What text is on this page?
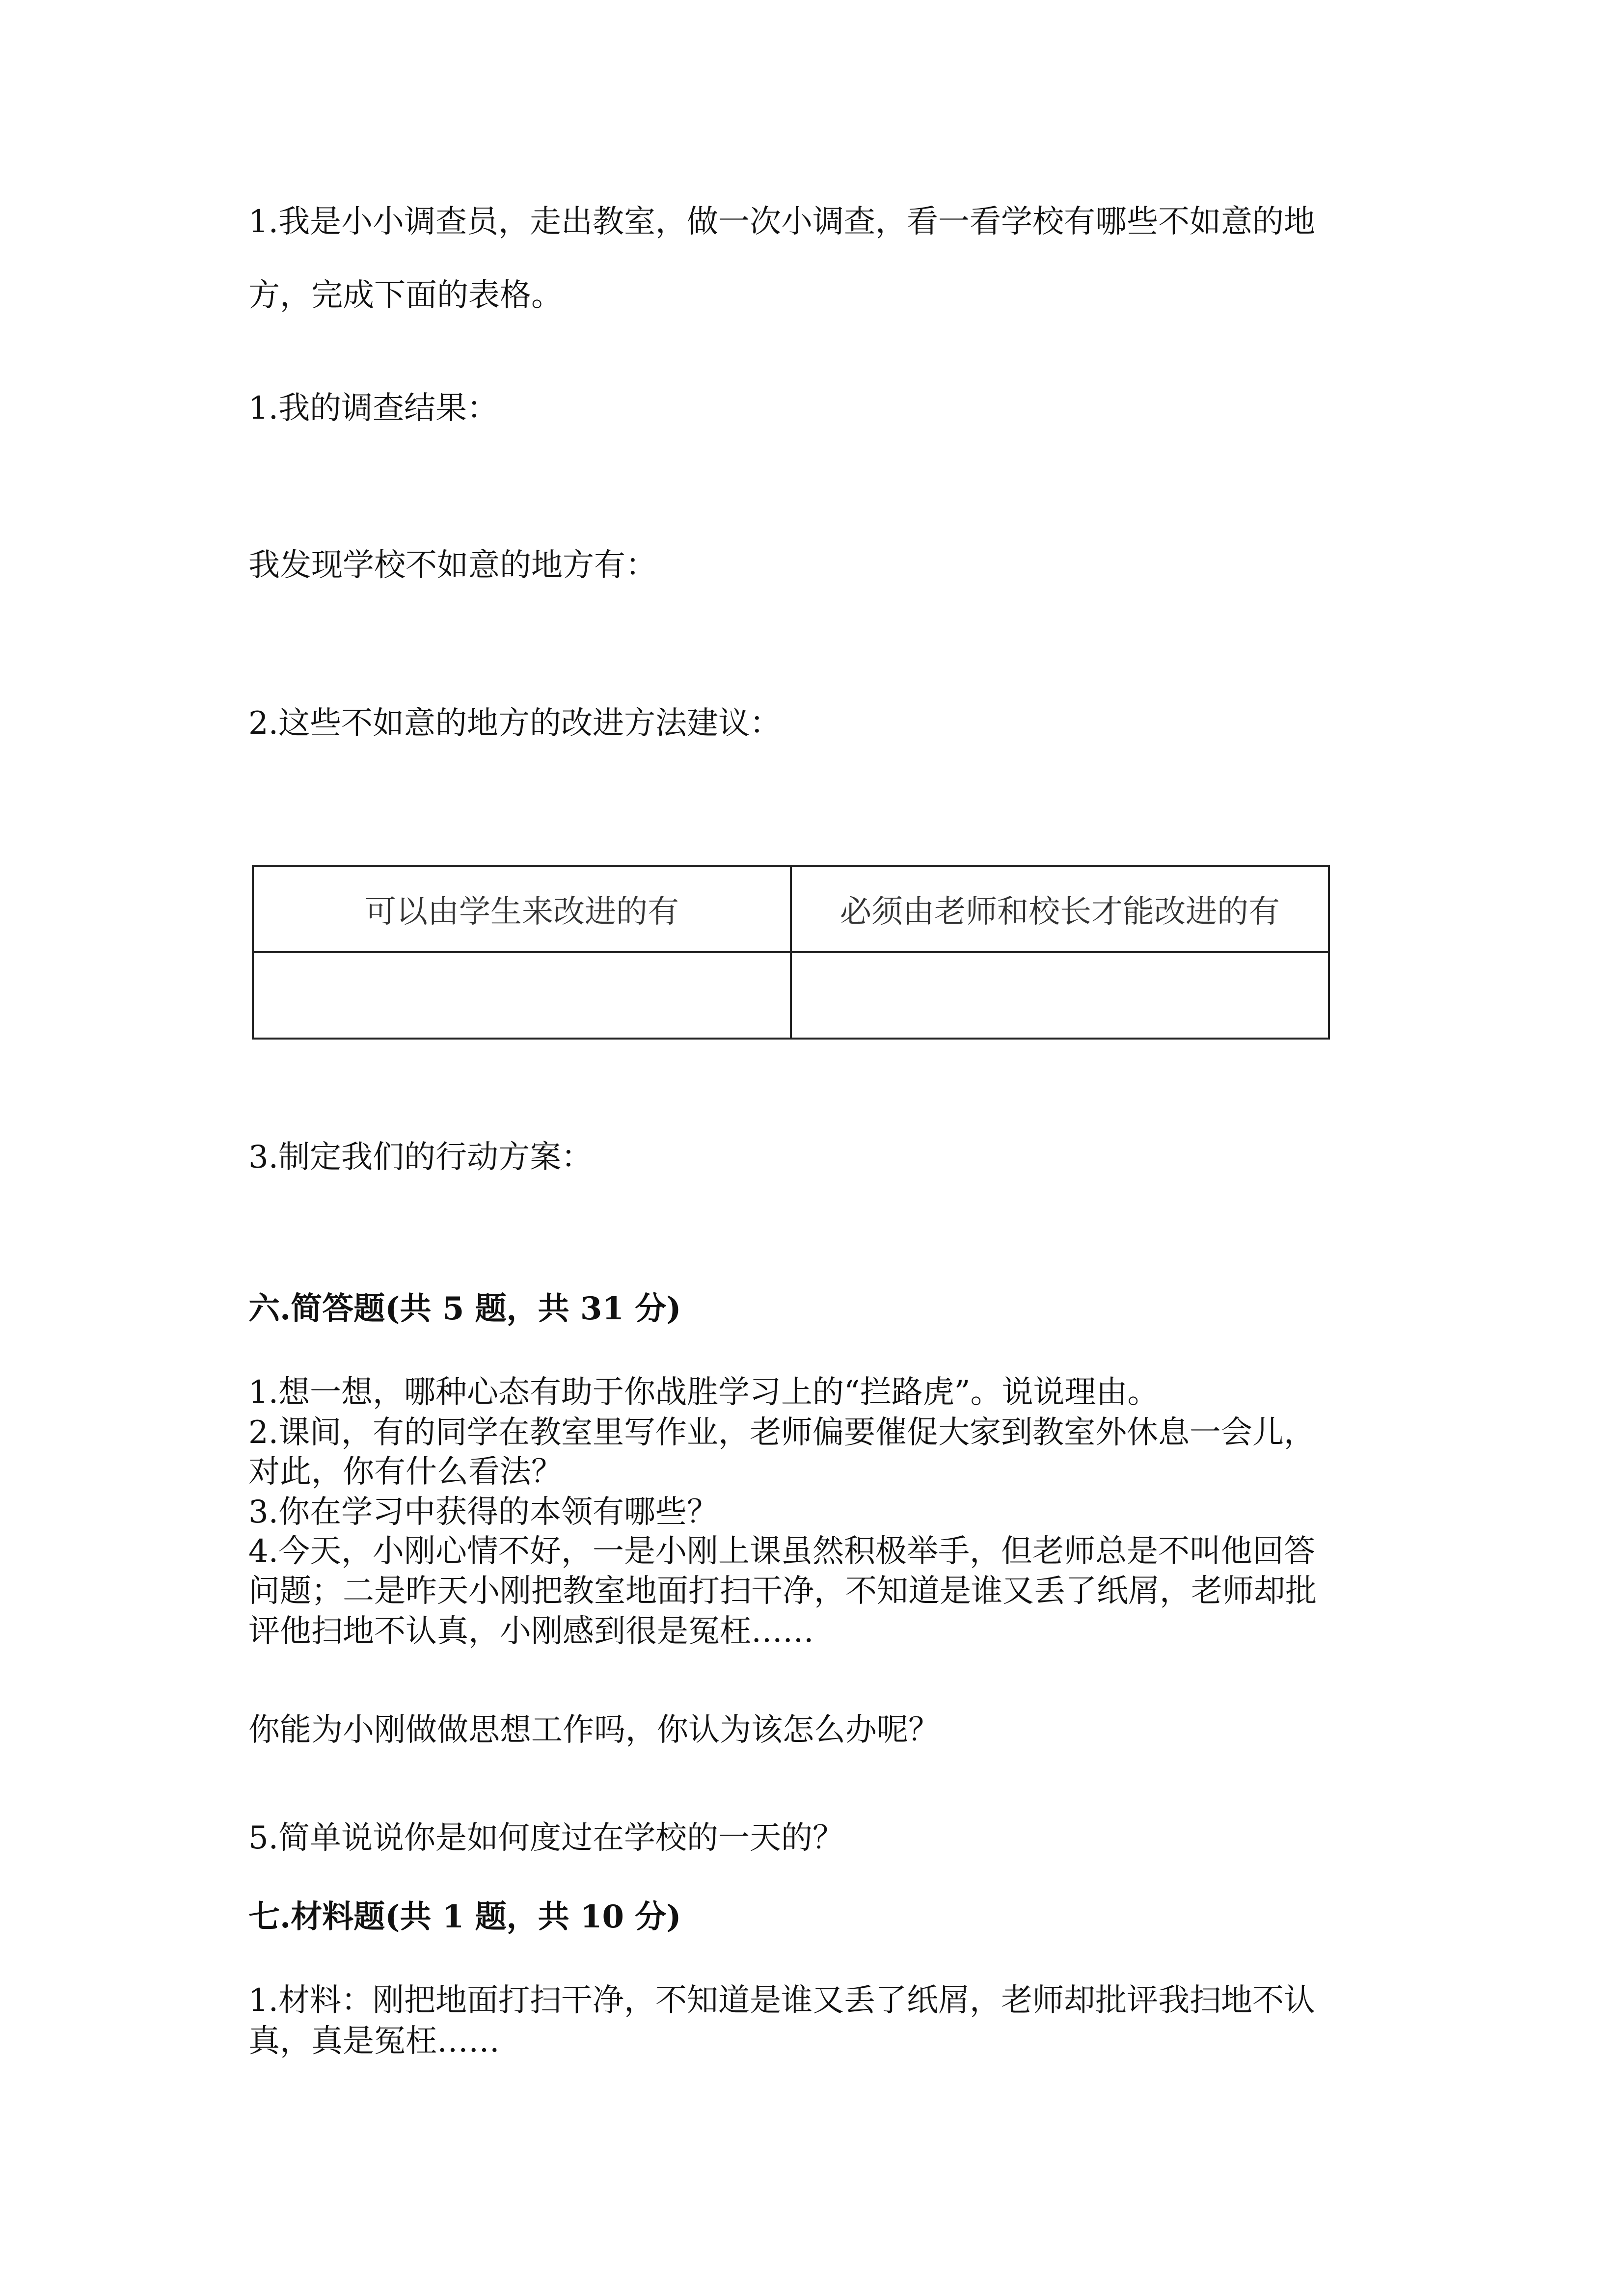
1.我是小小调查员，走出教室，做一次小调查，看一看学校有哪些不如意的地
方，完成下面的表格。
1.我的调查结果：
我发现学校不如意的地方有：
2.这些不如意的地方的改进方法建议：
可以由学生来改进的有	必须由老师和校长才能改进的有

3.制定我们的行动方案：
六.简答题(共 5 题，共 31 分)
1.想一想，哪种心态有助于你战胜学习上的“拦路虎”。说说理由。
2.课间，有的同学在教室里写作业，老师偏要催促大家到教室外休息一会儿，
对此，你有什么看法？
3.你在学习中获得的本领有哪些？
4.今天，小刚心情不好，一是小刚上课虽然积极举手，但老师总是不叫他回答
问题；二是昨天小刚把教室地面打扫干净，不知道是谁又丢了纸屑，老师却批
评他扫地不认真，小刚感到很是冤枉……
你能为小刚做做思想工作吗，你认为该怎么办呢？
5.简单说说你是如何度过在学校的一天的？
七.材料题(共 1 题，共 10 分)
1.材料：刚把地面打扫干净，不知道是谁又丢了纸屑，老师却批评我扫地不认
真，真是冤枉……
